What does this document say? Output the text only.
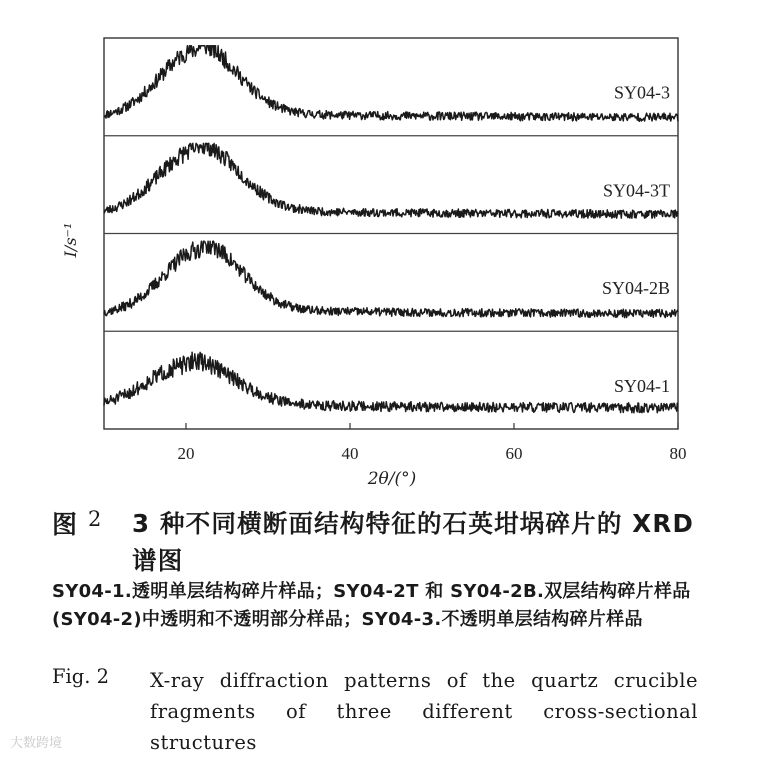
SY04-3
SY04-3T
SY04-2B
SY04-1
20	40	60	80
2θ/(°)
I/s⁻¹
图 2 3 种不同横断面结构特征的石英坩埚碎片的 XRD 谱图
SY04-1.透明单层结构碎片样品；SY04-2T 和 SY04-2B.双层结构碎片样品(SY04-2)中透明和不透明部分样品；SY04-3.不透明单层结构碎片样品
Fig. 2 X-ray diffraction patterns of the quartz crucible fragments of three different cross-sectional structures
大数跨境
